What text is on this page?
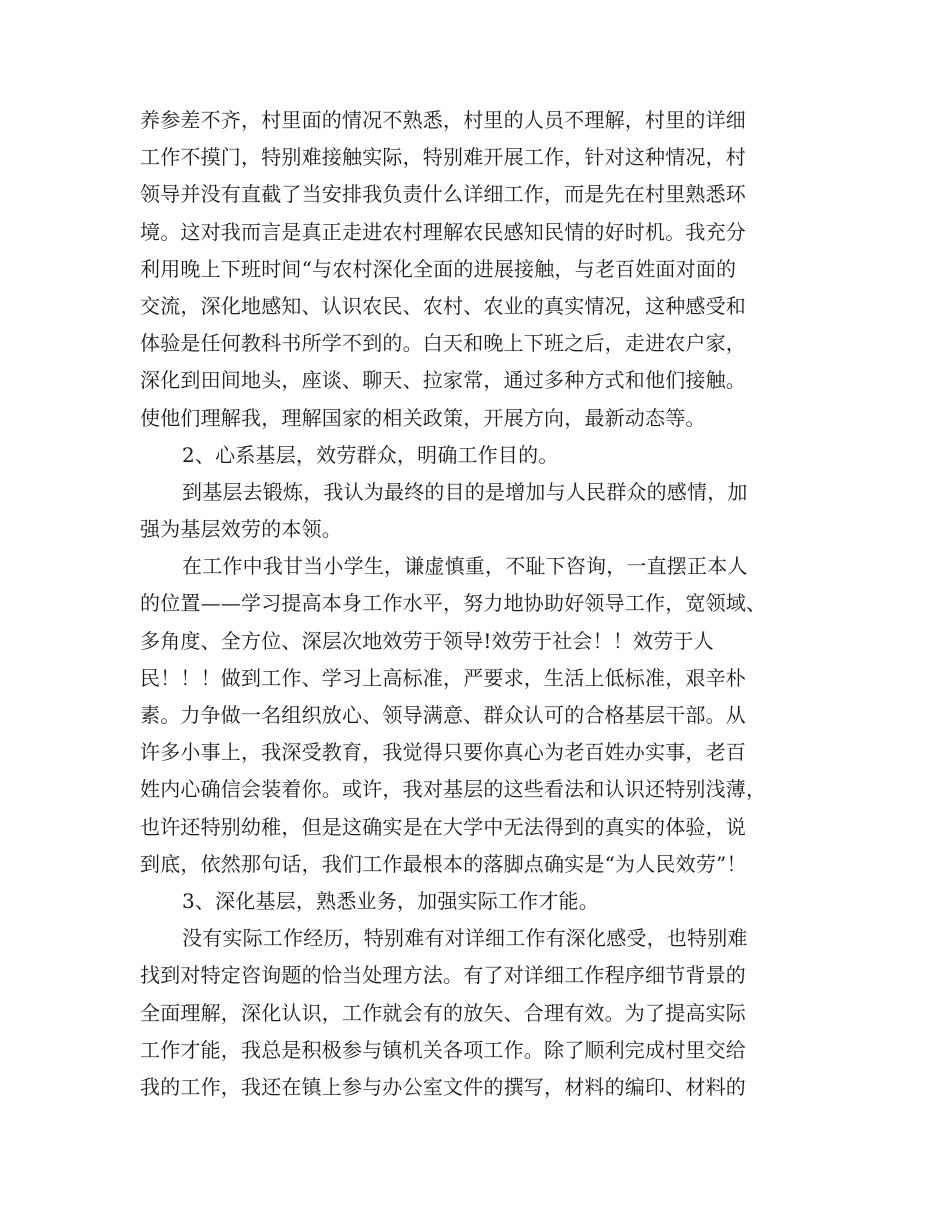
养参差不齐，村里面的情况不熟悉，村里的人员不理解，村里的详细
工作不摸门，特别难接触实际，特别难开展工作，针对这种情况，村
领导并没有直截了当安排我负责什么详细工作，而是先在村里熟悉环
境。这对我而言是真正走进农村理解农民感知民情的好时机。我充分
利用晚上下班时间“与农村深化全面的进展接触，与老百姓面对面的
交流，深化地感知、认识农民、农村、农业的真实情况，这种感受和
体验是任何教科书所学不到的。白天和晚上下班之后，走进农户家，
深化到田间地头，座谈、聊天、拉家常，通过多种方式和他们接触。
使他们理解我，理解国家的相关政策，开展方向，最新动态等。
2、心系基层，效劳群众，明确工作目的。
到基层去锻炼，我认为最终的目的是增加与人民群众的感情，加
强为基层效劳的本领。
在工作中我甘当小学生，谦虚慎重，不耻下咨询，一直摆正本人
的位置——学习提高本身工作水平，努力地协助好领导工作，宽领域、
多角度、全方位、深层次地效劳于领导!效劳于社会！！效劳于人
民！！！做到工作、学习上高标准，严要求，生活上低标准，艰辛朴
素。力争做一名组织放心、领导满意、群众认可的合格基层干部。从
许多小事上，我深受教育，我觉得只要你真心为老百姓办实事，老百
姓内心确信会装着你。或许，我对基层的这些看法和认识还特别浅薄，
也许还特别幼稚，但是这确实是在大学中无法得到的真实的体验，说
到底，依然那句话，我们工作最根本的落脚点确实是“为人民效劳”！
3、深化基层，熟悉业务，加强实际工作才能。
没有实际工作经历，特别难有对详细工作有深化感受，也特别难
找到对特定咨询题的恰当处理方法。有了对详细工作程序细节背景的
全面理解，深化认识，工作就会有的放矢、合理有效。为了提高实际
工作才能，我总是积极参与镇机关各项工作。除了顺利完成村里交给
我的工作，我还在镇上参与办公室文件的撰写，材料的编印、材料的
